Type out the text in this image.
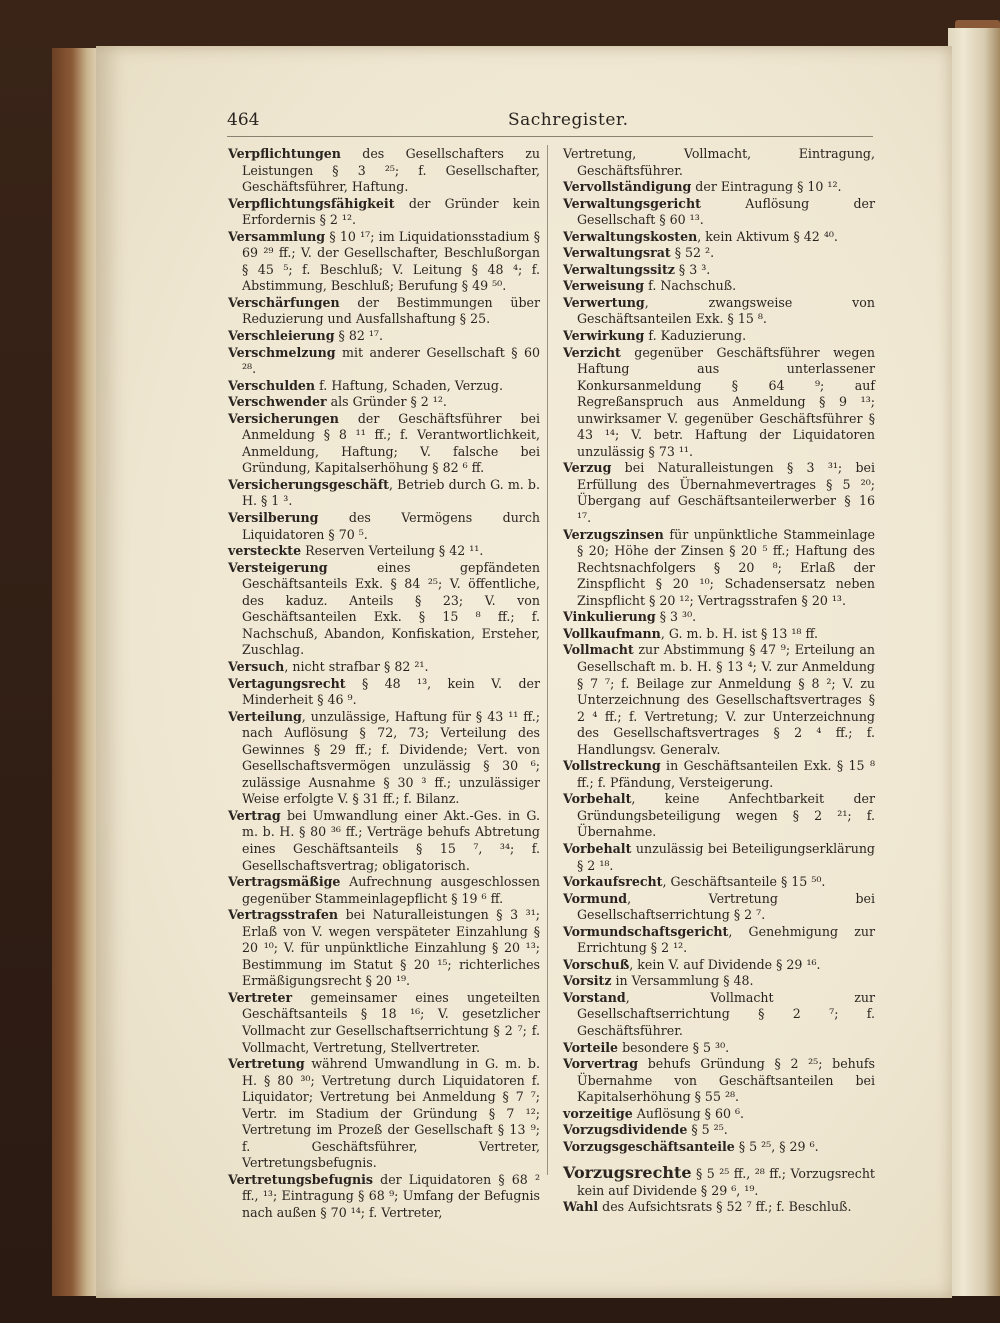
464	Sachregister.

Verpflichtungen des Gesellschafters zu Leistungen § 3 ²⁵; f. Gesellschafter, Geschäftsführer, Haftung.

Verpflichtungsfähigkeit der Gründer kein Erfordernis § 2 ¹².

Versammlung § 10 ¹⁷; im Liquidationsstadium § 69 ²⁹ ff.; V. der Gesellschafter, Beschlußorgan § 45 ⁵; f. Beschluß; V. Leitung § 48 ⁴; f. Abstimmung, Beschluß; Berufung § 49 ⁵⁰.

Verschärfungen der Bestimmungen über Reduzierung und Ausfallshaftung § 25.

Verschleierung § 82 ¹⁷.

Verschmelzung mit anderer Gesellschaft § 60 ²⁸.

Verschulden f. Haftung, Schaden, Verzug.

Verschwender als Gründer § 2 ¹².

Versicherungen der Geschäftsführer bei Anmeldung § 8 ¹¹ ff.; f. Verantwortlichkeit, Anmeldung, Haftung; V. falsche bei Gründung, Kapitalserhöhung § 82 ⁶ ff.

Versicherungsgeschäft, Betrieb durch G. m. b. H. § 1 ³.

Versilberung des Vermögens durch Liquidatoren § 70 ⁵.

versteckte Reserven Verteilung § 42 ¹¹.

Versteigerung eines gepfändeten Geschäftsanteils Exk. § 84 ²⁵; V. öffentliche, des kaduz. Anteils § 23; V. von Geschäftsanteilen Exk. § 15 ⁸ ff.; f. Nachschuß, Abandon, Konfiskation, Ersteher, Zuschlag.

Versuch, nicht strafbar § 82 ²¹.

Vertagungsrecht § 48 ¹³, kein V. der Minderheit § 46 ⁹.

Verteilung, unzulässige, Haftung für § 43 ¹¹ ff.; nach Auflösung § 72, 73; Verteilung des Gewinnes § 29 ff.; f. Dividende; Vert. von Gesellschaftsvermögen unzulässig § 30 ⁶; zulässige Ausnahme § 30 ³ ff.; unzulässiger Weise erfolgte V. § 31 ff.; f. Bilanz.

Vertrag bei Umwandlung einer Akt.-Ges. in G. m. b. H. § 80 ³⁶ ff.; Verträge behufs Abtretung eines Geschäftsanteils § 15 ⁷, ³⁴; f. Gesellschaftsvertrag; obligatorisch.

Vertragsmäßige Aufrechnung ausgeschlossen gegenüber Stammeinlagepflicht § 19 ⁶ ff.

Vertragsstrafen bei Naturalleistungen § 3 ³¹; Erlaß von V. wegen verspäteter Einzahlung § 20 ¹⁰; V. für unpünktliche Einzahlung § 20 ¹³; Bestimmung im Statut § 20 ¹⁵; richterliches Ermäßigungsrecht § 20 ¹⁹.

Vertreter gemeinsamer eines ungeteilten Geschäftsanteils § 18 ¹⁶; V. gesetzlicher Vollmacht zur Gesellschaftserrichtung § 2 ⁷; f. Vollmacht, Vertretung, Stellvertreter.

Vertretung während Umwandlung in G. m. b. H. § 80 ³⁰; Vertretung durch Liquidatoren f. Liquidator; Vertretung bei Anmeldung § 7 ⁷; Vertr. im Stadium der Gründung § 7 ¹²; Vertretung im Prozeß der Gesellschaft § 13 ⁹; f. Geschäftsführer, Vertreter, Vertretungsbefugnis.

Vertretungsbefugnis der Liquidatoren § 68 ² ff., ¹³; Eintragung § 68 ⁹; Umfang der Befugnis nach außen § 70 ¹⁴; f. Vertreter,

Vertretung, Vollmacht, Eintragung, Geschäftsführer.

Vervollständigung der Eintragung § 10 ¹².

Verwaltungsgericht Auflösung der Gesellschaft § 60 ¹³.

Verwaltungskosten, kein Aktivum § 42 ⁴⁰.

Verwaltungsrat § 52 ².

Verwaltungssitz § 3 ³.

Verweisung f. Nachschuß.

Verwertung, zwangsweise von Geschäftsanteilen Exk. § 15 ⁸.

Verwirkung f. Kaduzierung.

Verzicht gegenüber Geschäftsführer wegen Haftung aus unterlassener Konkursanmeldung § 64 ⁹; auf Regreßanspruch aus Anmeldung § 9 ¹³; unwirksamer V. gegenüber Geschäftsführer § 43 ¹⁴; V. betr. Haftung der Liquidatoren unzulässig § 73 ¹¹.

Verzug bei Naturalleistungen § 3 ³¹; bei Erfüllung des Übernahmevertrages § 5 ²⁰; Übergang auf Geschäftsanteilerwerber § 16 ¹⁷.

Verzugszinsen für unpünktliche Stammeinlage § 20; Höhe der Zinsen § 20 ⁵ ff.; Haftung des Rechtsnachfolgers § 20 ⁸; Erlaß der Zinspflicht § 20 ¹⁰; Schadensersatz neben Zinspflicht § 20 ¹²; Vertragsstrafen § 20 ¹³.

Vinkulierung § 3 ³⁰.

Vollkaufmann, G. m. b. H. ist § 13 ¹⁸ ff.

Vollmacht zur Abstimmung § 47 ⁹; Erteilung an Gesellschaft m. b. H. § 13 ⁴; V. zur Anmeldung § 7 ⁷; f. Beilage zur Anmeldung § 8 ²; V. zu Unterzeichnung des Gesellschaftsvertrages § 2 ⁴ ff.; f. Vertretung; V. zur Unterzeichnung des Gesellschaftsvertrages § 2 ⁴ ff.; f. Handlungsv. Generalv.

Vollstreckung in Geschäftsanteilen Exk. § 15 ⁸ ff.; f. Pfändung, Versteigerung.

Vorbehalt, keine Anfechtbarkeit der Gründungsbeteiligung wegen § 2 ²¹; f. Übernahme.

Vorbehalt unzulässig bei Beteiligungserklärung § 2 ¹⁸.

Vorkaufsrecht, Geschäftsanteile § 15 ⁵⁰.

Vormund, Vertretung bei Gesellschaftserrichtung § 2 ⁷.

Vormundschaftsgericht, Genehmigung zur Errichtung § 2 ¹².

Vorschuß, kein V. auf Dividende § 29 ¹⁶.

Vorsitz in Versammlung § 48.

Vorstand, Vollmacht zur Gesellschaftserrichtung § 2 ⁷; f. Geschäftsführer.

Vorteile besondere § 5 ³⁰.

Vorvertrag behufs Gründung § 2 ²⁵; behufs Übernahme von Geschäftsanteilen bei Kapitalserhöhung § 55 ²⁸.

vorzeitige Auflösung § 60 ⁶.

Vorzugsdividende § 5 ²⁵.

Vorzugsgeschäftsanteile § 5 ²⁵, § 29 ⁶.

Vorzugsrechte § 5 ²⁵ ff., ²⁸ ff.; Vorzugsrecht kein auf Dividende § 29 ⁶, ¹⁹.

Wahl des Aufsichtsrats § 52 ⁷ ff.; f. Beschluß.
